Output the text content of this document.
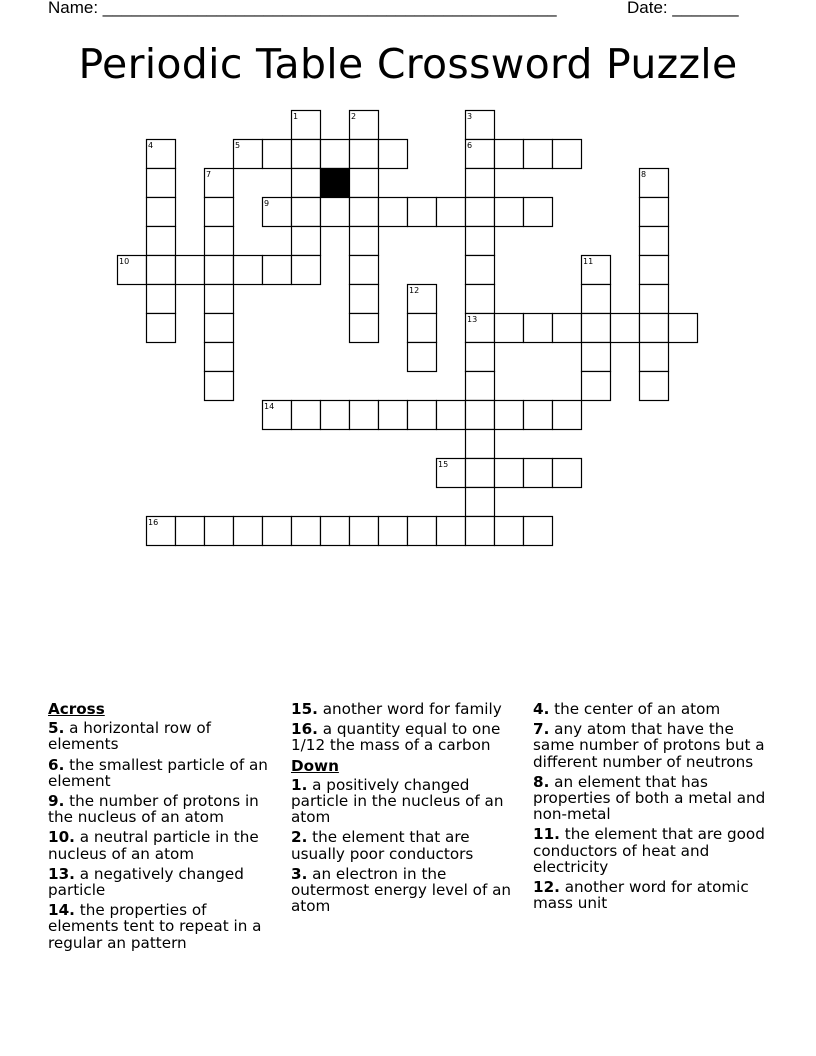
Name: ________________________________________________	Date: _______
Periodic Table Crossword Puzzle
1	2	3
4	5	6
7	8
9
10	11
12
13
14
15
16
Across
5. a horizontal row of elements
6. the smallest particle of an element
9. the number of protons in the nucleus of an atom
10. a neutral particle in the nucleus of an atom
13. a negatively changed particle
14. the properties of elements tent to repeat in a regular an pattern
15. another word for family
16. a quantity equal to one 1/12 the mass of a carbon
Down
1. a positively changed particle in the nucleus of an atom
2. the element that are usually poor conductors
3. an electron in the outermost energy level of an atom
4. the center of an atom
7. any atom that have the same number of protons but a different number of neutrons
8. an element that has properties of both a metal and non-metal
11. the element that are good conductors of heat and electricity
12. another word for atomic mass unit
